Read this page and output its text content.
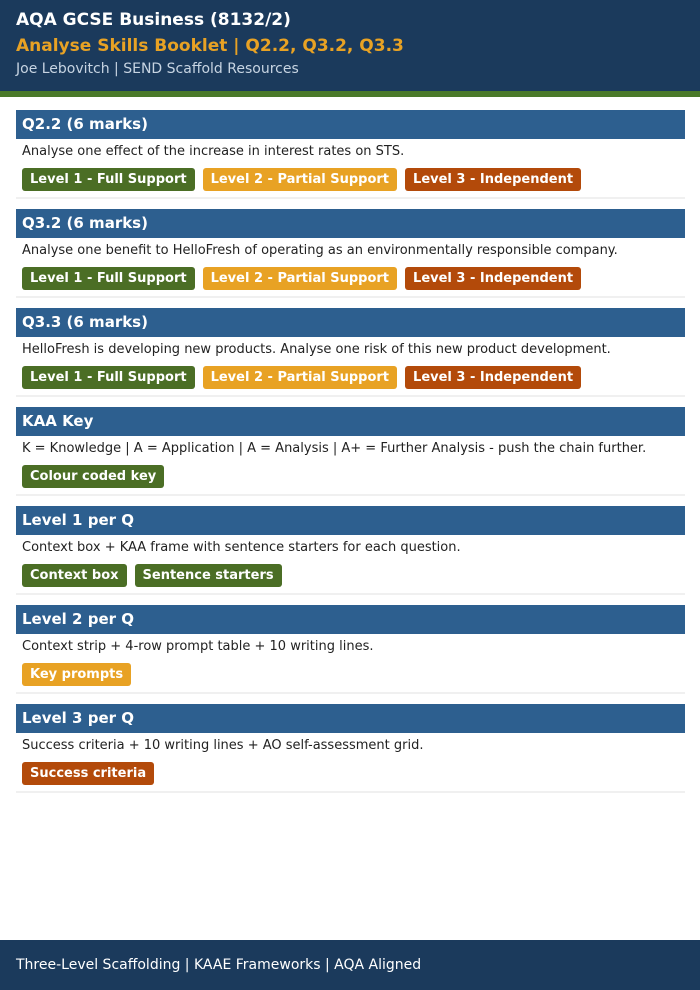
AQA GCSE Business (8132/2)
Analyse Skills Booklet | Q2.2, Q3.2, Q3.3
Joe Lebovitch | SEND Scaffold Resources
Q2.2 (6 marks)
Analyse one effect of the increase in interest rates on STS.
Level 1 - Full Support	Level 2 - Partial Support	Level 3 - Independent
Q3.2 (6 marks)
Analyse one benefit to HelloFresh of operating as an environmentally responsible company.
Level 1 - Full Support	Level 2 - Partial Support	Level 3 - Independent
Q3.3 (6 marks)
HelloFresh is developing new products. Analyse one risk of this new product development.
Level 1 - Full Support	Level 2 - Partial Support	Level 3 - Independent
KAA Key
K = Knowledge | A = Application | A = Analysis | A+ = Further Analysis - push the chain further.
Colour coded key
Level 1 per Q
Context box + KAA frame with sentence starters for each question.
Context box	Sentence starters
Level 2 per Q
Context strip + 4-row prompt table + 10 writing lines.
Key prompts
Level 3 per Q
Success criteria + 10 writing lines + AO self-assessment grid.
Success criteria
Three-Level Scaffolding | KAAE Frameworks | AQA Aligned
